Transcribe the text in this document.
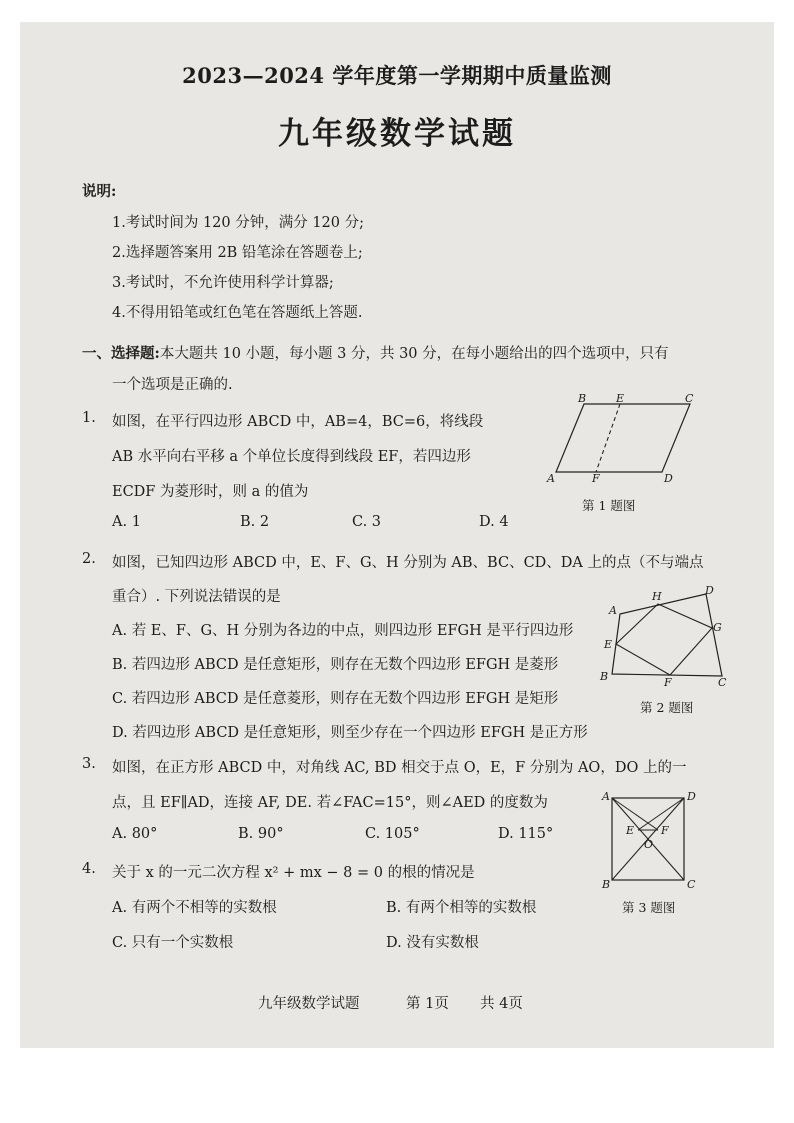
2023—2024 学年度第一学期期中质量监测
九年级数学试题
说明:
1.考试时间为 120 分钟，满分 120 分;
2.选择题答案用 2B 铅笔涂在答题卷上;
3.考试时，不允许使用科学计算器;
4.不得用铅笔或红色笔在答题纸上答题.
一、选择题:本大题共 10 小题，每小题 3 分，共 30 分，在每小题给出的四个选项中，只有
一个选项是正确的.
1. 如图，在平行四边形 ABCD 中，AB=4，BC=6，将线段
AB 水平向右平移 a 个单位长度得到线段 EF，若四边形
ECDF 为菱形时，则 a 的值为
A. 1	B. 2	C. 3	D. 4
B	E	C
A	F	D
第 1 题图
2. 如图，已知四边形 ABCD 中，E、F、G、H 分别为 AB、BC、CD、DA 上的点（不与端点
重合）. 下列说法错误的是
A. 若 E、F、G、H 分别为各边的中点，则四边形 EFGH 是平行四边形
B. 若四边形 ABCD 是任意矩形，则存在无数个四边形 EFGH 是菱形
C. 若四边形 ABCD 是任意菱形，则存在无数个四边形 EFGH 是矩形
D. 若四边形 ABCD 是任意矩形，则至少存在一个四边形 EFGH 是正方形
A
H	D
G
E
B	F	C
第 2 题图
3. 如图，在正方形 ABCD 中，对角线 AC, BD 相交于点 O，E，F 分别为 AO，DO 上的一
点，且 EF∥AD，连接 AF, DE. 若∠FAC=15°，则∠AED 的度数为
A. 80°	B. 90°	C. 105°	D. 115°
A	D
E F
O
B	C
第 3 题图
4. 关于 x 的一元二次方程 x² + mx − 8 = 0 的根的情况是
A. 有两个不相等的实数根	B. 有两个相等的实数根
C. 只有一个实数根	D. 没有实数根
九年级数学试题	第 1页 共 4页
